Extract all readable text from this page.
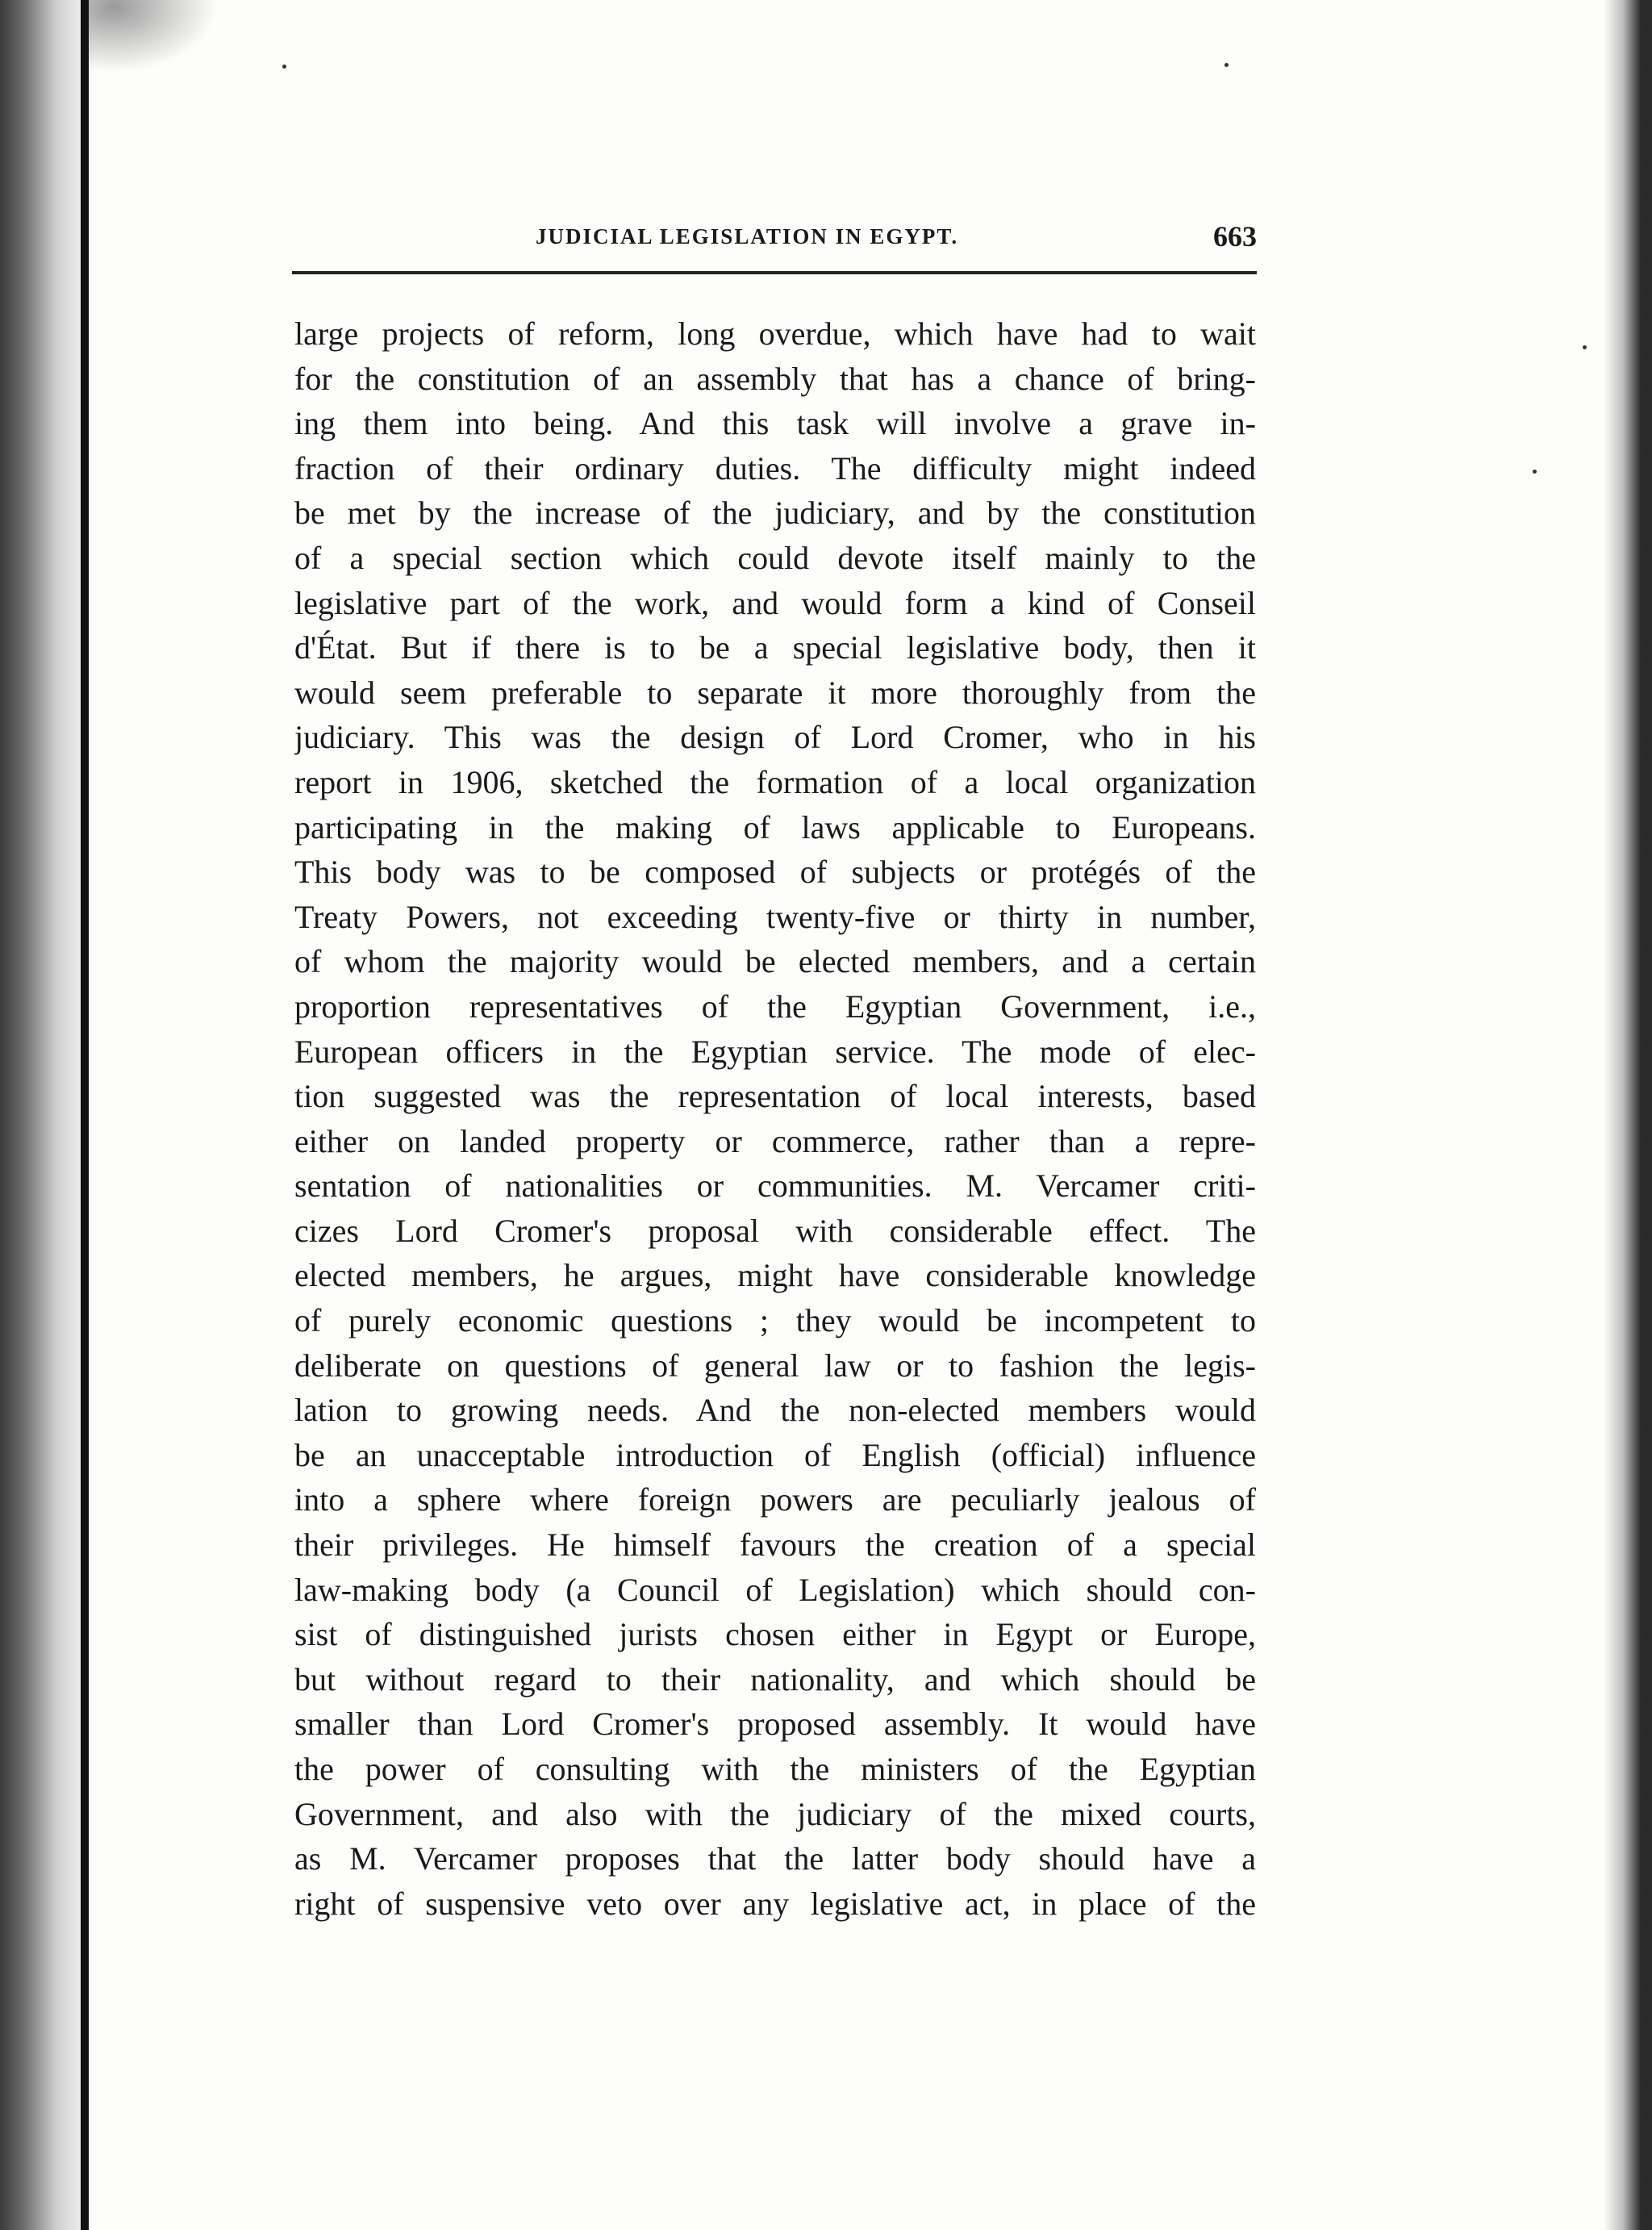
JUDICIAL LEGISLATION IN EGYPT.	663
large projects of reform, long overdue, which have had to wait
for the constitution of an assembly that has a chance of bring-
ing them into being. And this task will involve a grave in-
fraction of their ordinary duties. The difficulty might indeed
be met by the increase of the judiciary, and by the constitution
of a special section which could devote itself mainly to the
legislative part of the work, and would form a kind of Conseil
d'État. But if there is to be a special legislative body, then it
would seem preferable to separate it more thoroughly from the
judiciary. This was the design of Lord Cromer, who in his
report in 1906, sketched the formation of a local organization
participating in the making of laws applicable to Europeans.
This body was to be composed of subjects or protégés of the
Treaty Powers, not exceeding twenty-five or thirty in number,
of whom the majority would be elected members, and a certain
proportion representatives of the Egyptian Government, i.e.,
European officers in the Egyptian service. The mode of elec-
tion suggested was the representation of local interests, based
either on landed property or commerce, rather than a repre-
sentation of nationalities or communities. M. Vercamer criti-
cizes Lord Cromer's proposal with considerable effect. The
elected members, he argues, might have considerable knowledge
of purely economic questions ; they would be incompetent to
deliberate on questions of general law or to fashion the legis-
lation to growing needs. And the non-elected members would
be an unacceptable introduction of English (official) influence
into a sphere where foreign powers are peculiarly jealous of
their privileges. He himself favours the creation of a special
law-making body (a Council of Legislation) which should con-
sist of distinguished jurists chosen either in Egypt or Europe,
but without regard to their nationality, and which should be
smaller than Lord Cromer's proposed assembly. It would have
the power of consulting with the ministers of the Egyptian
Government, and also with the judiciary of the mixed courts,
as M. Vercamer proposes that the latter body should have a
right of suspensive veto over any legislative act, in place of the
